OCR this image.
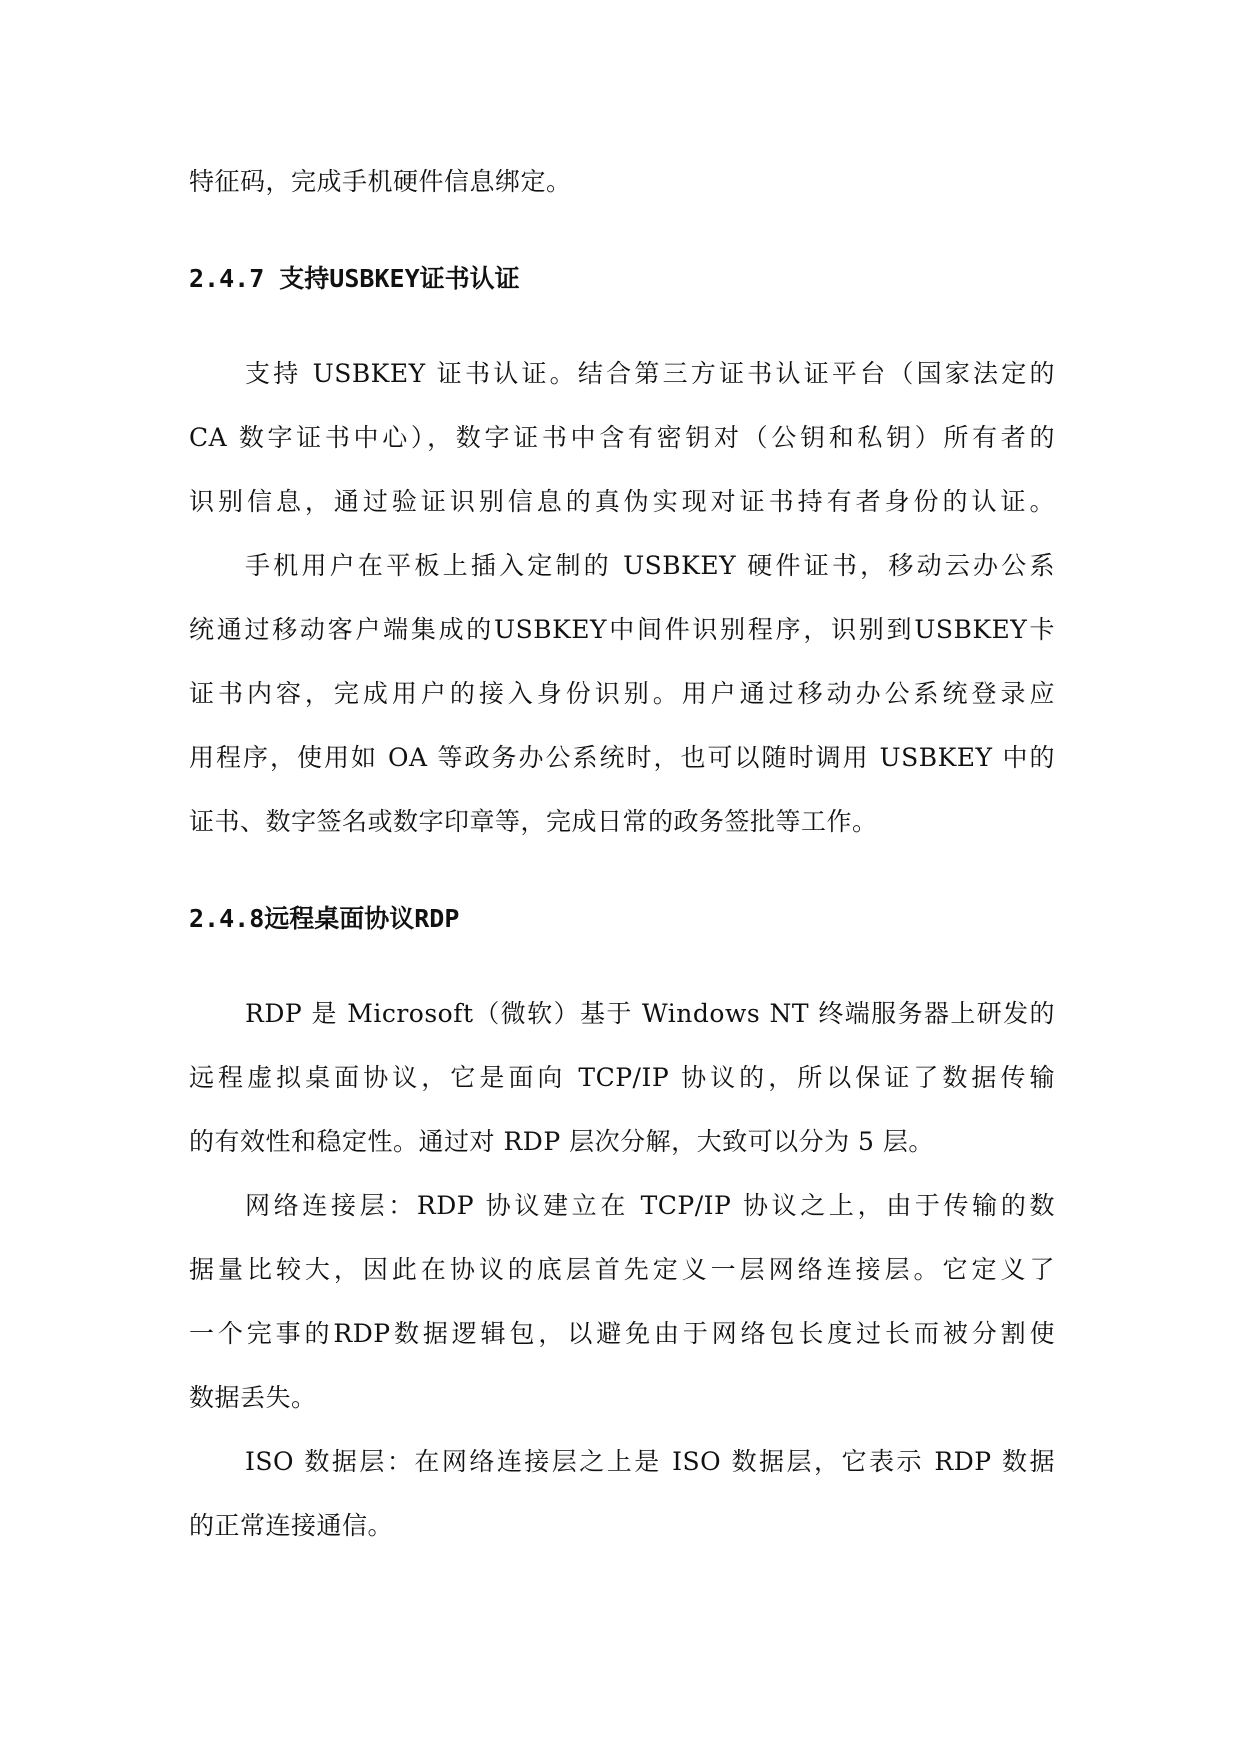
特征码，完成手机硬件信息绑定。
2.4.7 支持USBKEY证书认证
支持 USBKEY 证书认证。结合第三方证书认证平台（国家法定的
CA 数字证书中心），数字证书中含有密钥对（公钥和私钥）所有者的
识别信息，通过验证识别信息的真伪实现对证书持有者身份的认证。
手机用户在平板上插入定制的 USBKEY 硬件证书，移动云办公系
统通过移动客户端集成的USBKEY中间件识别程序，识别到USBKEY卡
证书内容，完成用户的接入身份识别。用户通过移动办公系统登录应
用程序，使用如 OA 等政务办公系统时，也可以随时调用 USBKEY 中的
证书、数字签名或数字印章等，完成日常的政务签批等工作。
2.4.8远程桌面协议RDP
RDP 是 Microsoft（微软）基于 Windows NT 终端服务器上研发的
远程虚拟桌面协议，它是面向 TCP/IP 协议的，所以保证了数据传输
的有效性和稳定性。通过对 RDP 层次分解，大致可以分为 5 层。
网络连接层：RDP 协议建立在 TCP/IP 协议之上，由于传输的数
据量比较大，因此在协议的底层首先定义一层网络连接层。它定义了
一个完事的RDP数据逻辑包，以避免由于网络包长度过长而被分割使
数据丢失。
ISO 数据层：在网络连接层之上是 ISO 数据层，它表示 RDP 数据
的正常连接通信。
